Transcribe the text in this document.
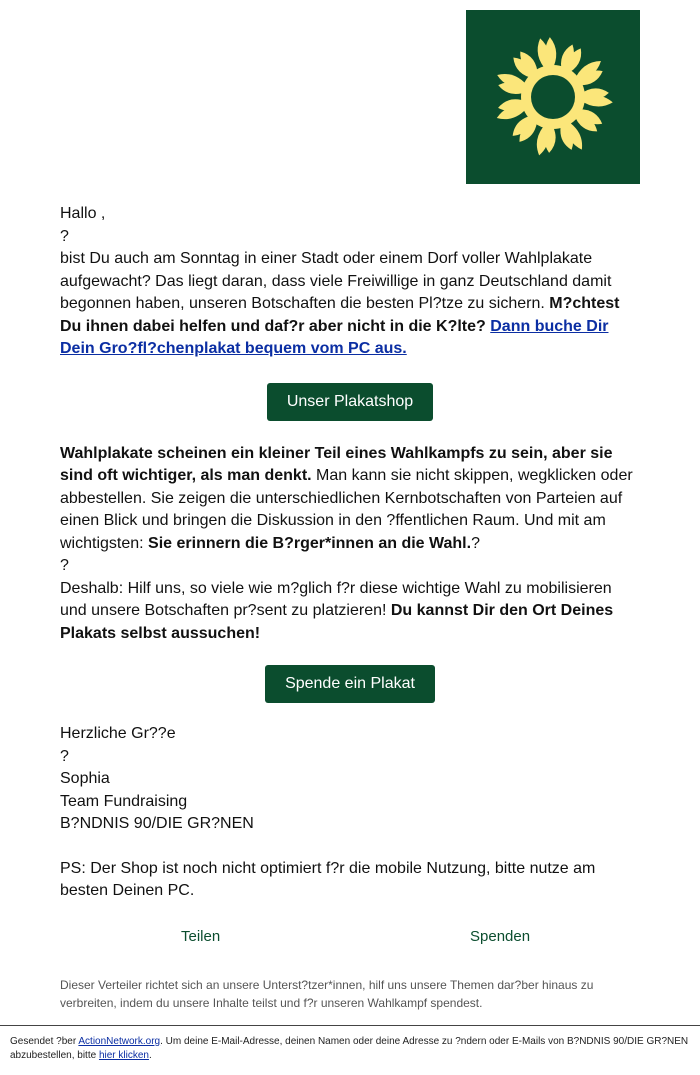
Hallo ,

?

bist Du auch am Sonntag in einer Stadt oder einem Dorf voller Wahlplakate aufgewacht? Das liegt daran, dass viele Freiwillige in ganz Deutschland damit begonnen haben, unseren Botschaften die besten Pl?tze zu sichern. M?chtest Du ihnen dabei helfen und daf?r aber nicht in die K?lte? Dann buche Dir Dein Gro?fl?chenplakat bequem vom PC aus.

Unser Plakatshop

Wahlplakate scheinen ein kleiner Teil eines Wahlkampfs zu sein, aber sie sind oft wichtiger, als man denkt. Man kann sie nicht skippen, wegklicken oder abbestellen. Sie zeigen die unterschiedlichen Kernbotschaften von Parteien auf einen Blick und bringen die Diskussion in den ?ffentlichen Raum. Und mit am wichtigsten: Sie erinnern die B?rger*innen an die Wahl.?

?

Deshalb: Hilf uns, so viele wie m?glich f?r diese wichtige Wahl zu mobilisieren und unsere Botschaften pr?sent zu platzieren! Du kannst Dir den Ort Deines Plakats selbst aussuchen!

Spende ein Plakat

Herzliche Gr??e

?

Sophia

Team Fundraising

B?NDNIS 90/DIE GR?NEN

PS: Der Shop ist noch nicht optimiert f?r die mobile Nutzung, bitte nutze am besten Deinen PC.

Teilen	Spenden
Dieser Verteiler richtet sich an unsere Unterst?tzer*innen, hilf uns unsere Themen dar?ber hinaus zu verbreiten, indem du unsere Inhalte teilst und f?r unseren Wahlkampf spendest.
Gesendet ?ber ActionNetwork.org. Um deine E-Mail-Adresse, deinen Namen oder deine Adresse zu ?ndern oder E-Mails von B?NDNIS 90/DIE GR?NEN abzubestellen, bitte hier klicken.
